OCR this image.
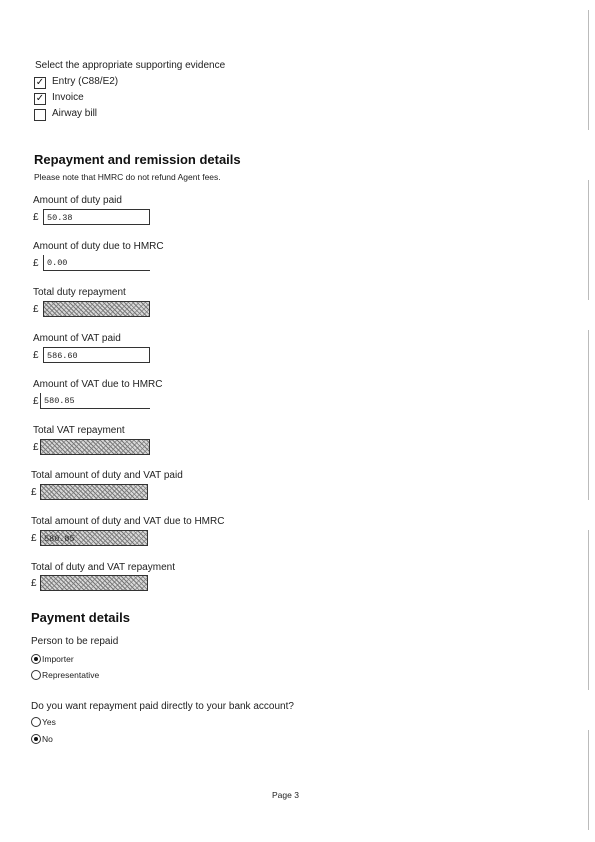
Select the appropriate supporting evidence
✓ Entry (C88/E2)
✓ Invoice
Airway bill
Repayment and remission details
Please note that HMRC do not refund Agent fees.
Amount of duty paid
£ 50.38
Amount of duty due to HMRC
£ 0.00
Total duty repayment
£
Amount of VAT paid
£ 586.60
Amount of VAT due to HMRC
£ 580.85
Total VAT repayment
£
Total amount of duty and VAT paid
£
Total amount of duty and VAT due to HMRC
£ 580.85
Total of duty and VAT repayment
£
Payment details
Person to be repaid
Importer
Representative
Do you want repayment paid directly to your bank account?
Yes
No
Page 3
